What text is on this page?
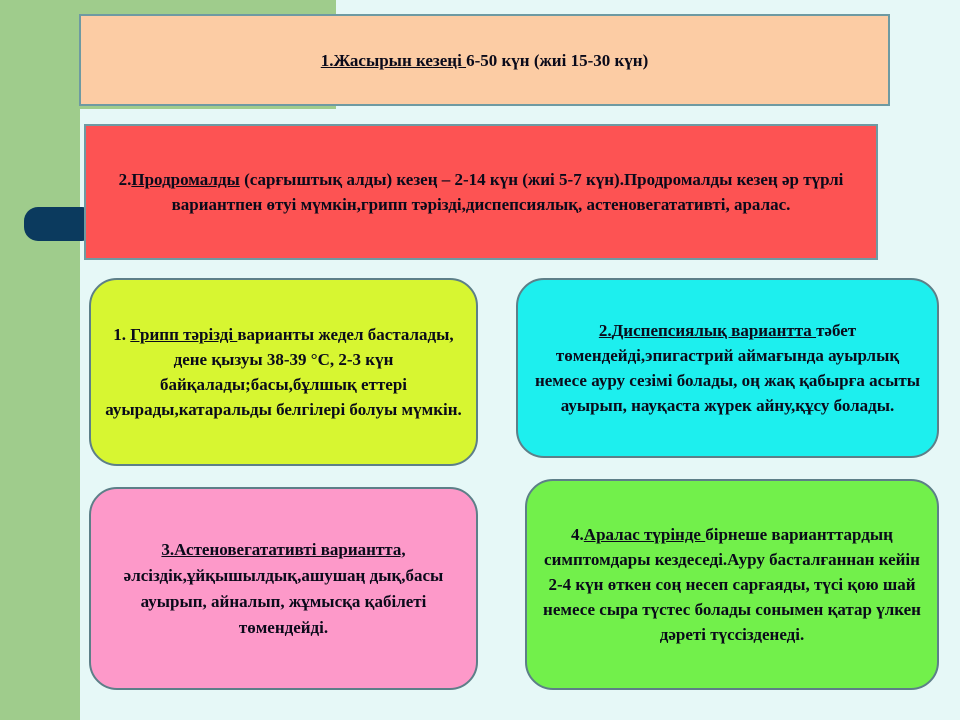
1.Жасырын кезеңі 6-50 күн (жиі 15-30 күн)
2.Продромалды (сарғыштық алды) кезең – 2-14 күн (жиі 5-7 күн).Продромалды кезең әр түрлі вариантпен өтуі мүмкін,грипп тәрізді,диспепсиялық, астеновегатативті, аралас.
1. Грипп тәрізді варианты жедел басталады, дене қызуы 38-39 °С, 2-3 күн байқалады;басы,бұлшық еттері ауырады,катаральды белгілері болуы мүмкін.
2.Диспепсиялық вариантта тәбет төмендейді,эпигастрий аймағында ауырлық немесе ауру сезімі болады, оң жақ қабырға асыты ауырып, науқаста жүрек айну,құсу болады.
3.Астеновегатативті вариантта, әлсіздік,ұйқышылдық,ашушаң дық,басы ауырып, айналып, жұмысқа қабілеті төмендейді.
4.Аралас түрінде бірнеше варианттардың симптомдары кездеседі.Ауру басталғаннан кейін 2-4 күн өткен соң несеп сарғаяды, түсі қою шай немесе сыра түстес болады сонымен қатар үлкен дәреті түссізденеді.
